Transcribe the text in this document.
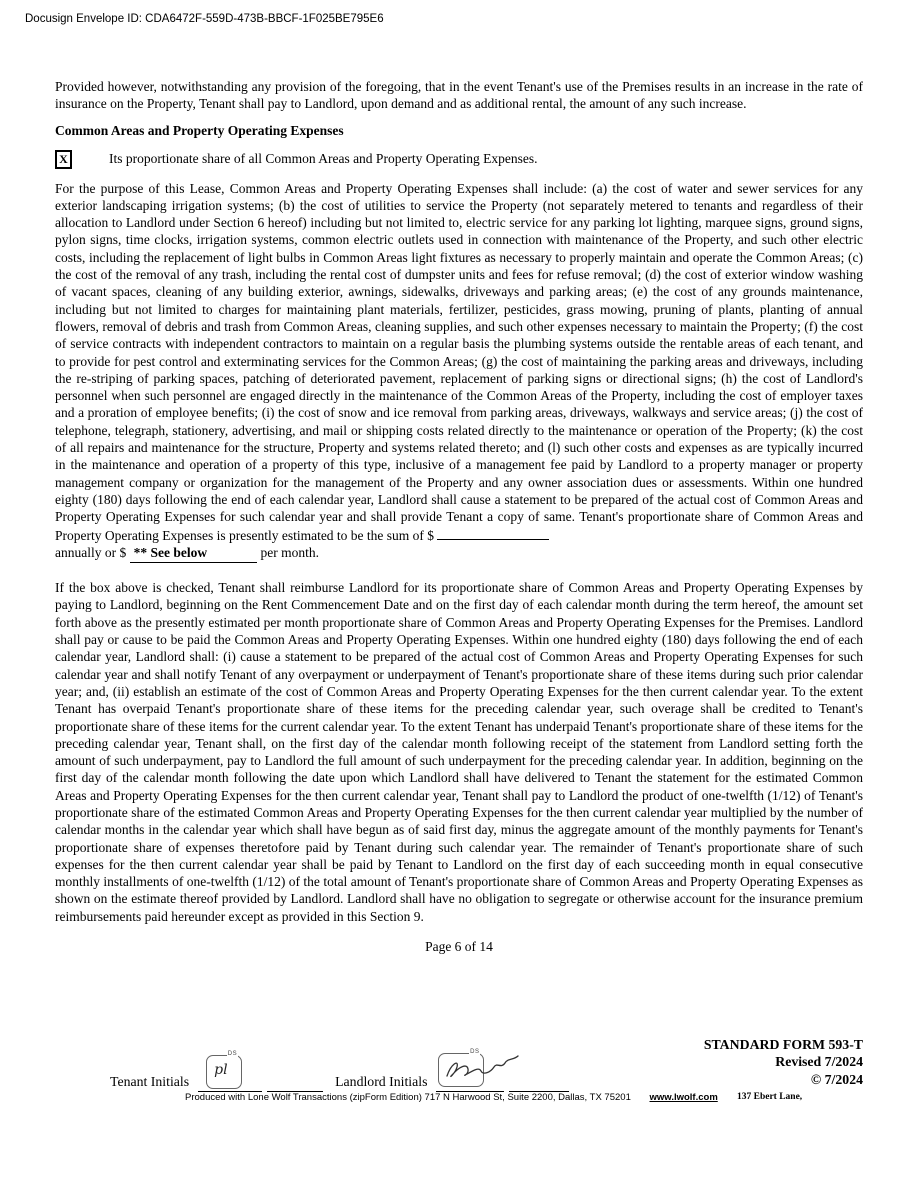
Docusign Envelope ID: CDA6472F-559D-473B-BBCF-1F025BE795E6

Provided however, notwithstanding any provision of the foregoing, that in the event Tenant's use of the Premises results in an increase in the rate of insurance on the Property, Tenant shall pay to Landlord, upon demand and as additional rental, the amount of any such increase.

Common Areas and Property Operating Expenses
X	Its proportionate share of all Common Areas and Property Operating Expenses.

For the purpose of this Lease, Common Areas and Property Operating Expenses shall include: (a) the cost of water and sewer services for any exterior landscaping irrigation systems; (b) the cost of utilities to service the Property (not separately metered to tenants and regardless of their allocation to Landlord under Section 6 hereof) including but not limited to, electric service for any parking lot lighting, marquee signs, ground signs, pylon signs, time clocks, irrigation systems, common electric outlets used in connection with maintenance of the Property, and such other electric costs, including the replacement of light bulbs in Common Areas light fixtures as necessary to properly maintain and operate the Common Areas; (c) the cost of the removal of any trash, including the rental cost of dumpster units and fees for refuse removal; (d) the cost of exterior window washing of vacant spaces, cleaning of any building exterior, awnings, sidewalks, driveways and parking areas; (e) the cost of any grounds maintenance, including but not limited to charges for maintaining plant materials, fertilizer, pesticides, grass mowing, pruning of plants, planting of annual flowers, removal of debris and trash from Common Areas, cleaning supplies, and such other expenses necessary to maintain the Property; (f) the cost of service contracts with independent contractors to maintain on a regular basis the plumbing systems outside the rentable areas of each tenant, and to provide for pest control and exterminating services for the Common Areas; (g) the cost of maintaining the parking areas and driveways, including the re-striping of parking spaces, patching of deteriorated pavement, replacement of parking signs or directional signs; (h) the cost of Landlord's personnel when such personnel are engaged directly in the maintenance of the Common Areas of the Property, including the cost of employer taxes and a proration of employee benefits; (i) the cost of snow and ice removal from parking areas, driveways, walkways and service areas; (j) the cost of telephone, telegraph, stationery, advertising, and mail or shipping costs related directly to the maintenance or operation of the Property; (k) the cost of all repairs and maintenance for the structure, Property and systems related thereto; and (l) such other costs and expenses as are typically incurred in the maintenance and operation of a property of this type, inclusive of a management fee paid by Landlord to a property manager or property management company or organization for the management of the Property and any owner association dues or assessments. Within one hundred eighty (180) days following the end of each calendar year, Landlord shall cause a statement to be prepared of the actual cost of Common Areas and Property Operating Expenses for such calendar year and shall provide Tenant a copy of same. Tenant's proportionate share of Common Areas and Property Operating Expenses is presently estimated to be the sum of $
annually or $ ** See below	per month.

If the box above is checked, Tenant shall reimburse Landlord for its proportionate share of Common Areas and Property Operating Expenses by paying to Landlord, beginning on the Rent Commencement Date and on the first day of each calendar month during the term hereof, the amount set forth above as the presently estimated per month proportionate share of Common Areas and Property Operating Expenses for the Premises. Landlord shall pay or cause to be paid the Common Areas and Property Operating Expenses. Within one hundred eighty (180) days following the end of each calendar year, Landlord shall: (i) cause a statement to be prepared of the actual cost of Common Areas and Property Operating Expenses for such calendar year and shall notify Tenant of any overpayment or underpayment of Tenant's proportionate share of these items during such prior calendar year; and, (ii) establish an estimate of the cost of Common Areas and Property Operating Expenses for the then current calendar year. To the extent Tenant has overpaid Tenant's proportionate share of these items for the preceding calendar year, such overage shall be credited to Tenant's proportionate share of these items for the current calendar year. To the extent Tenant has underpaid Tenant's proportionate share of these items for the preceding calendar year, Tenant shall, on the first day of the calendar month following receipt of the statement from Landlord setting forth the amount of such underpayment, pay to Landlord the full amount of such underpayment for the preceding calendar year. In addition, beginning on the first day of the calendar month following the date upon which Landlord shall have delivered to Tenant the statement for the estimated Common Areas and Property Operating Expenses for the then current calendar year, Tenant shall pay to Landlord the product of one-twelfth (1/12) of Tenant's proportionate share of the estimated Common Areas and Property Operating Expenses for the then current calendar year multiplied by the number of calendar months in the calendar year which shall have begun as of said first day, minus the aggregate amount of the monthly payments for Tenant's proportionate share of expenses theretofore paid by Tenant during such calendar year. The remainder of Tenant's proportionate share of such expenses for the then current calendar year shall be paid by Tenant to Landlord on the first day of each succeeding month in equal consecutive monthly installments of one-twelfth (1/12) of the total amount of Tenant's proportionate share of Common Areas and Property Operating Expenses as shown on the estimate thereof provided by Landlord. Landlord shall have no obligation to segregate or otherwise account for the insurance premium reimbursements paid hereunder except as provided in this Section 9.

Page 6 of 14
STANDARD FORM 593-T
Revised 7/2024
© 7/2024
Tenant Initials
DS
pl
Landlord Initials
DS
Produced with Lone Wolf Transactions (zipForm Edition) 717 N Harwood St, Suite 2200, Dallas, TX 75201 www.lwolf.com 137 Ebert Lane,
